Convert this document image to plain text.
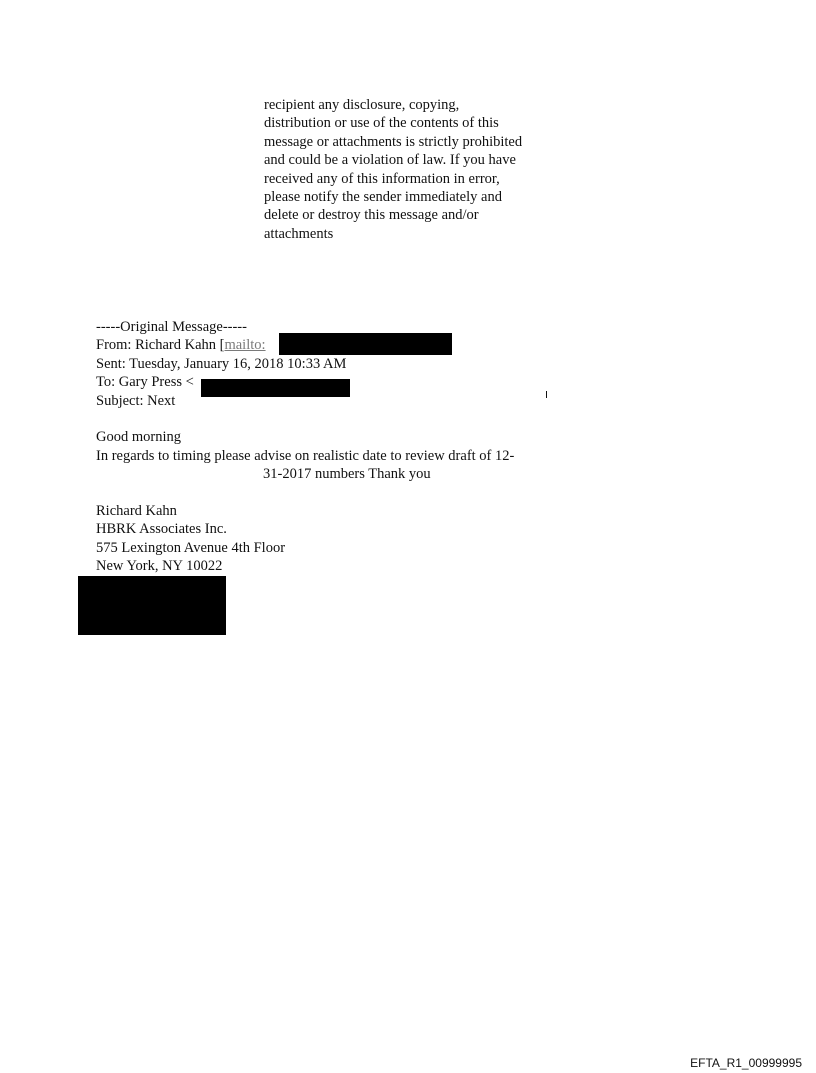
recipient any disclosure, copying,
distribution or use of the contents of this
message or attachments is strictly prohibited
and could be a violation of law. If you have
received any of this information in error,
please notify the sender immediately and
delete or destroy this message and/or
attachments
-----Original Message-----
From: Richard Kahn [mailto:
Sent: Tuesday, January 16, 2018 10:33 AM
To: Gary Press <
Subject: Next
Good morning
In regards to timing please advise on realistic date to review draft of 12-
31-2017 numbers Thank you
Richard Kahn
HBRK Associates Inc.
575 Lexington Avenue 4th Floor
New York, NY 10022
EFTA_R1_00999995
